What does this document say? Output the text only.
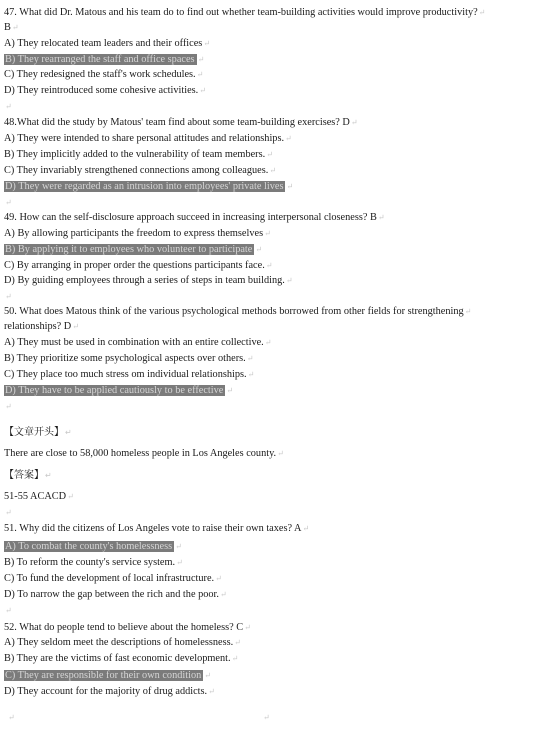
47. What did Dr. Matous and his team do to find out whether team-building activities would improve productivity?↵
B↵
A) They relocated team leaders and their offices↵
B) They rearranged the staff and office spaces ↵
C) They redesigned the staff's work schedules.↵
D) They reintroduced some cohesive activities.↵
↵
48.What did the study by Matous' team find about some team-building exercises? D↵
A) They were intended to share personal attitudes and relationships.↵
B) They implicitly added to the vulnerability of team members.↵
C) They invariably strengthened connections among colleagues.↵
D) They were regarded as an intrusion into employees' private lives ↵
↵
49. How can the self-disclosure approach succeed in increasing interpersonal closeness? B↵
A) By allowing participants the freedom to express themselves↵
B) By applying it to employees who volunteer to participate ↵
C) By arranging in proper order the questions participants face.↵
D) By guiding employees through a series of steps in team building.↵
↵
50. What does Matous think of the various psychological methods borrowed from other fields for strengthening↵
relationships? D↵
A) They must be used in combination with an entire collective.↵
B) They prioritize some psychological aspects over others.↵
C) They place too much stress om individual relationships.↵
D) They have to be applied cautiously to be effective ↵
↵
【文章开头】↵
There are close to 58,000 homeless people in Los Angeles county.↵
【答案】↵
51-55 ACACD↵
↵
51. Why did the citizens of Los Angeles vote to raise their own taxes? A↵
A) To combat the county's homelessness ↵
B) To reform the county's service system.↵
C) To fund the development of local infrastructure.↵
D) To narrow the gap between the rich and the poor.↵
↵
52. What do people tend to believe about the homeless? C↵
A) They seldom meet the descriptions of homelessness.↵
B) They are the victims of fast economic development.↵
C) They are responsible for their own condition ↵
D) They account for the majority of drug addicts.↵
↵	↵
